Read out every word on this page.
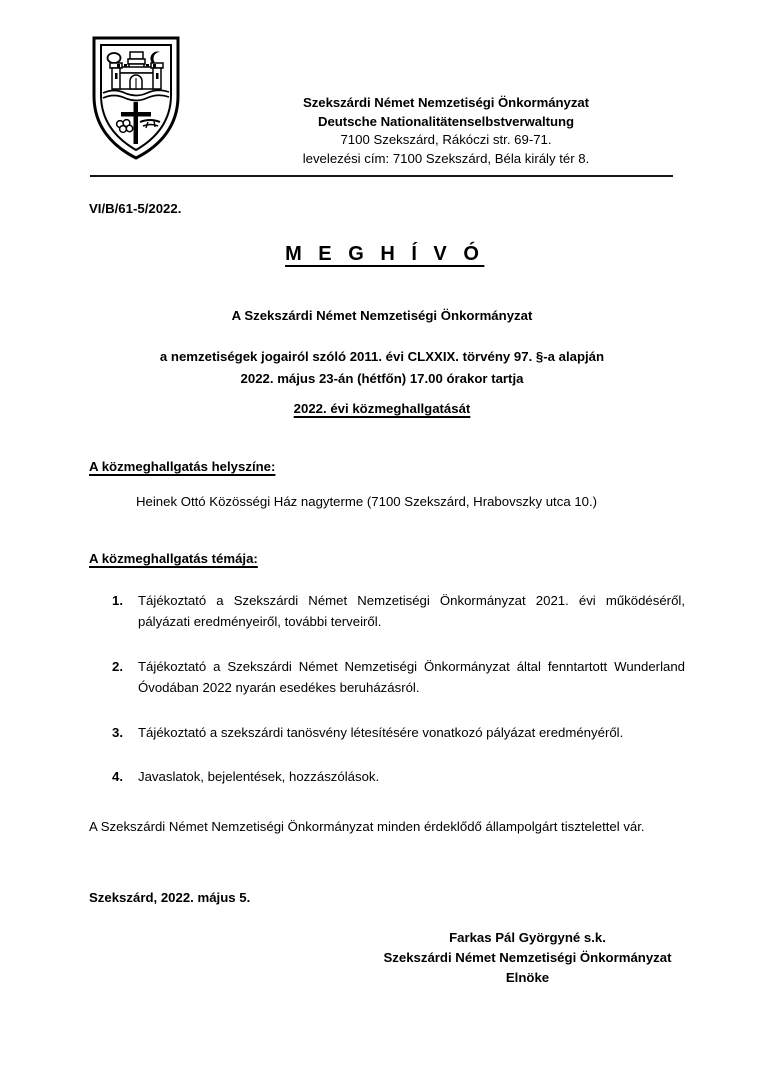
Szekszárdi Német Nemzetiségi Önkormányzat
Deutsche Nationalitätenselbstverwaltung
7100 Szekszárd, Rákóczi str. 69-71.
levelezési cím: 7100 Szekszárd, Béla király tér 8.
VI/B/61-5/2022.
M E G H Í V Ó
A Szekszárdi Német Nemzetiségi Önkormányzat
a nemzetiségek jogairól szóló 2011. évi CLXXIX. törvény 97. §-a alapján
2022. május 23-án (hétfőn) 17.00 órakor tartja
2022. évi közmeghallgatását
A közmeghallgatás helyszíne:
Heinek Ottó Közösségi Ház nagyterme (7100 Szekszárd, Hrabovszky utca 10.)
A közmeghallgatás témája:
1. Tájékoztató a Szekszárdi Német Nemzetiségi Önkormányzat 2021. évi működéséről, pályázati eredményeiről, további terveiről.
2. Tájékoztató a Szekszárdi Német Nemzetiségi Önkormányzat által fenntartott Wunderland Óvodában 2022 nyarán esedékes beruházásról.
3. Tájékoztató a szekszárdi tanösvény létesítésére vonatkozó pályázat eredményéről.
4. Javaslatok, bejelentések, hozzászólások.
A Szekszárdi Német Nemzetiségi Önkormányzat minden érdeklődő állampolgárt tisztelettel vár.
Szekszárd, 2022. május 5.
Farkas Pál Györgyné s.k.
Szekszárdi Német Nemzetiségi Önkormányzat
Elnöke
